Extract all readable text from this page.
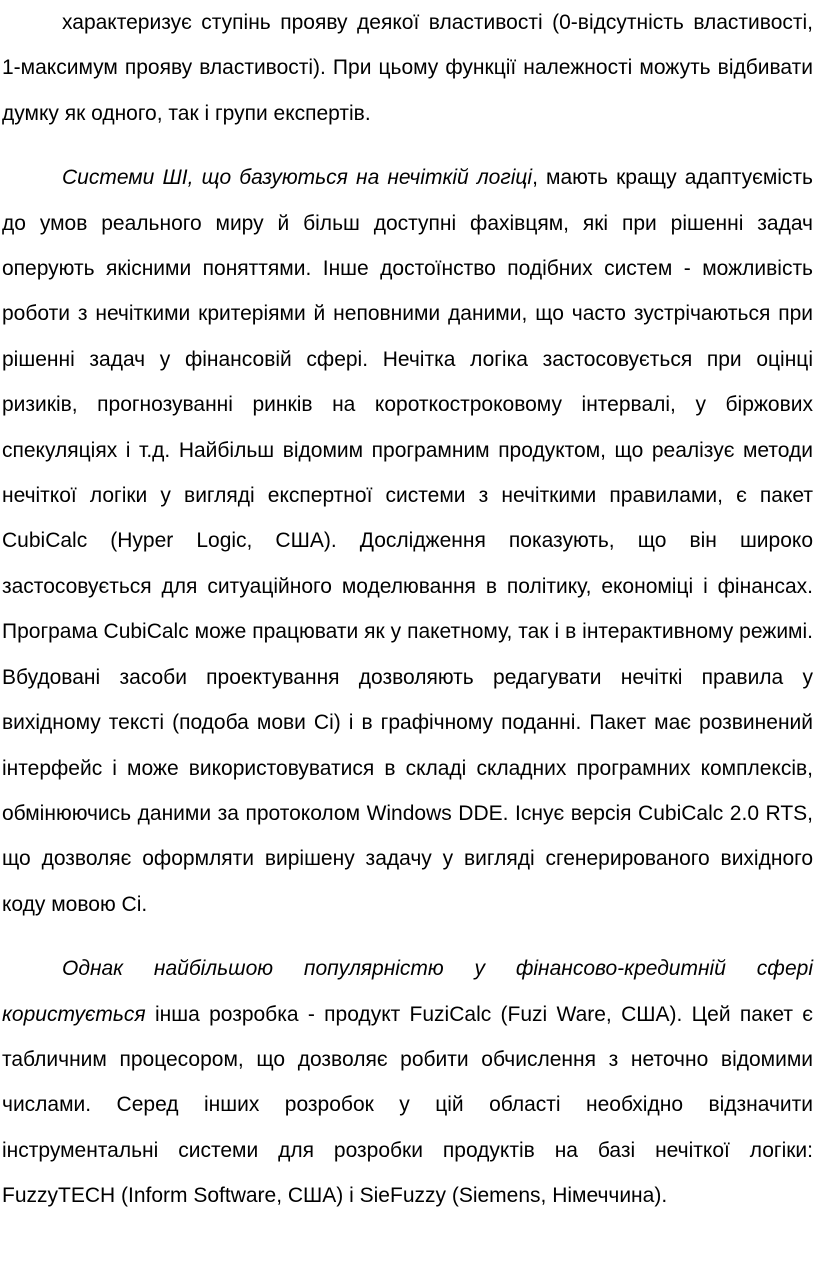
характеризує ступінь прояву деякої властивості (0-відсутність властивості, 1-максимум прояву властивості). При цьому функції належності можуть відбивати думку як одного, так і групи експертів.

Системи ШІ, що базуються на нечіткій логіці, мають кращу адаптуємість до умов реального миру й більш доступні фахівцям, які при рішенні задач оперують якісними поняттями. Інше достоїнство подібних систем - можливість роботи з нечіткими критеріями й неповними даними, що часто зустрічаються при рішенні задач у фінансовій сфері. Нечітка логіка застосовується при оцінці ризиків, прогнозуванні ринків на короткостроковому інтервалі, у біржових спекуляціях і т.д. Найбільш відомим програмним продуктом, що реалізує методи нечіткої логіки у вигляді експертної системи з нечіткими правилами, є пакет CubiCalc (Hyper Logic, США). Дослідження показують, що він широко застосовується для ситуаційного моделювання в політику, економіці і фінансах. Програма CubiCalc може працювати як у пакетному, так і в інтерактивному режимі. Вбудовані засоби проектування дозволяють редагувати нечіткі правила у вихідному тексті (подоба мови Сі) і в графічному поданні. Пакет має розвинений інтерфейс і може використовуватися в складі складних програмних комплексів, обмінюючись даними за протоколом Windows DDE. Існує версія CubiCalc 2.0 RTS, що дозволяє оформляти вирішену задачу у вигляді сгенерированого вихідного коду мовою Сі.

Однак найбільшою популярністю у фінансово-кредитній сфері користується інша розробка - продукт FuziCalc (Fuzi Ware, США). Цей пакет є табличним процесором, що дозволяє робити обчислення з неточно відомими числами. Серед інших розробок у цій області необхідно відзначити інструментальні системи для розробки продуктів на базі нечіткої логіки: FuzzyTECH (Inform Software, США) і SieFuzzy (Siemens, Німеччина).
